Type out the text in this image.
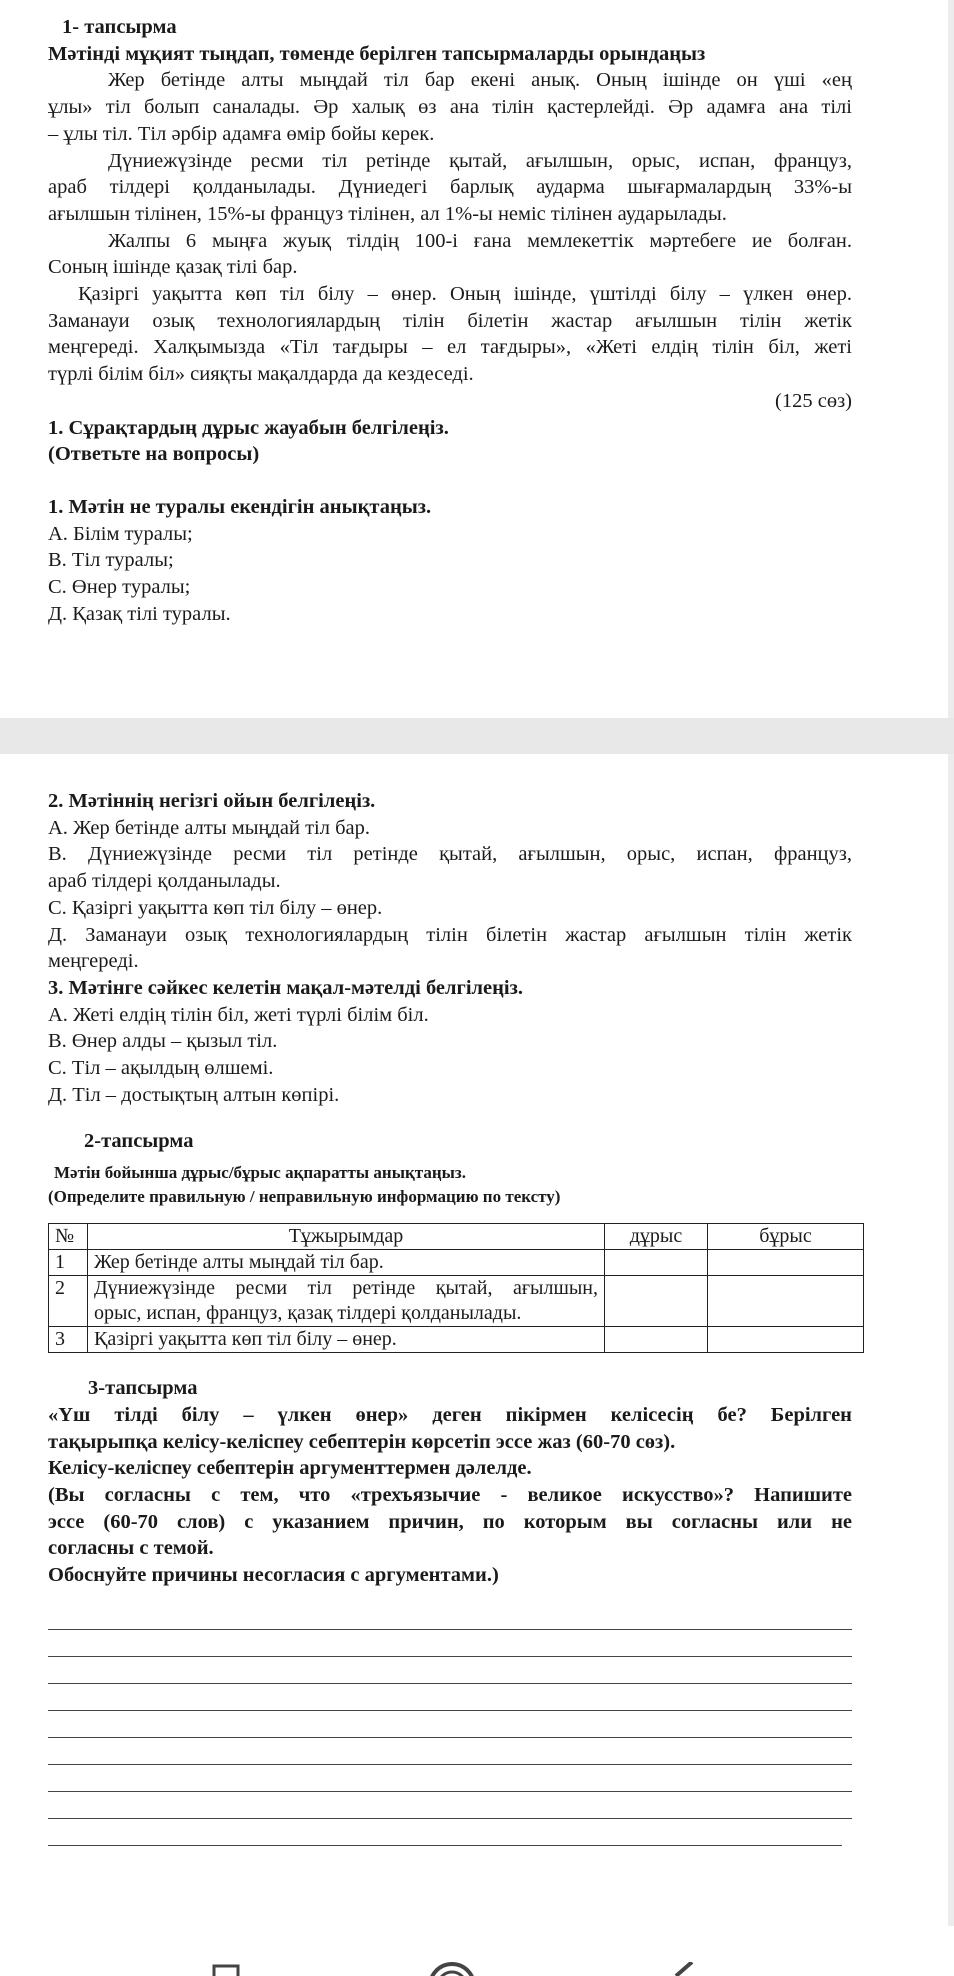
1- тапсырма
Мәтінді мұқият тыңдап, төменде берілген тапсырмаларды орындаңыз
Жер бетінде алты мыңдай тіл бар екені анық. Оның ішінде он үші «ең
ұлы» тіл болып саналады. Әр халық өз ана тілін қастерлейді. Әр адамға ана тілі
– ұлы тіл. Тіл әрбір адамға өмір бойы керек.
Дүниежүзінде ресми тіл ретінде қытай, ағылшын, орыс, испан, француз,
араб тілдері қолданылады. Дүниедегі барлық аударма шығармалардың 33%-ы
ағылшын тілінен, 15%-ы француз тілінен, ал 1%-ы неміс тілінен аударылады.
Жалпы 6 мыңға жуық тілдің 100-і ғана мемлекеттік мәртебеге ие болған.
Соның ішінде қазақ тілі бар.
Қазіргі уақытта көп тіл білу – өнер. Оның ішінде, үштілді білу – үлкен өнер.
Заманауи озық технологиялардың тілін білетін жастар ағылшын тілін жетік
меңгереді. Халқымызда «Тіл тағдыры – ел тағдыры», «Жеті елдің тілін біл, жеті
түрлі білім біл» сияқты мақалдарда да кездеседі.
(125 сөз)
1. Сұрақтардың дұрыс жауабын белгілеңіз.
(Ответьте на вопросы)
1. Мәтін не туралы екендігін анықтаңыз.
А. Білім туралы;
В. Тіл туралы;
С. Өнер туралы;
Д. Қазақ тілі туралы.
2. Мәтіннің негізгі ойын белгілеңіз.
А. Жер бетінде алты мыңдай тіл бар.
В. Дүниежүзінде ресми тіл ретінде қытай, ағылшын, орыс, испан, француз,
араб тілдері қолданылады.
С. Қазіргі уақытта көп тіл білу – өнер.
Д. Заманауи озық технологиялардың тілін білетін жастар ағылшын тілін жетік
меңгереді.
3. Мәтінге сәйкес келетін мақал-мәтелді белгілеңіз.
А. Жеті елдің тілін біл, жеті түрлі білім біл.
В. Өнер алды – қызыл тіл.
С. Тіл – ақылдың өлшемі.
Д. Тіл – достықтың алтын көпірі.
2-тапсырма
Мәтін бойынша дұрыс/бұрыс ақпаратты анықтаңыз.
(Определите правильную / неправильную информацию по тексту)
№	Тұжырымдар	дұрыс	бұрыс
1	Жер бетінде алты мыңдай тіл бар.		
2	Дүниежүзінде ресми тіл ретінде қытай, ағылшын,
орыс, испан, француз, қазақ тілдері қолданылады.		

3	Қазіргі уақытта көп тіл білу – өнер.		
3-тапсырма
«Үш тілді білу – үлкен өнер» деген пікірмен келісесің бе? Берілген
тақырыпқа келісу-келіспеу себептерін көрсетіп эссе жаз (60-70 сөз).
Келісу-келіспеу себептерін аргументтермен дәлелде.
(Вы согласны с тем, что «трехъязычие - великое искусство»? Напишите
эссе (60-70 слов) с указанием причин, по которым вы согласны или не
согласны с темой.
Обоснуйте причины несогласия с аргументами.)
